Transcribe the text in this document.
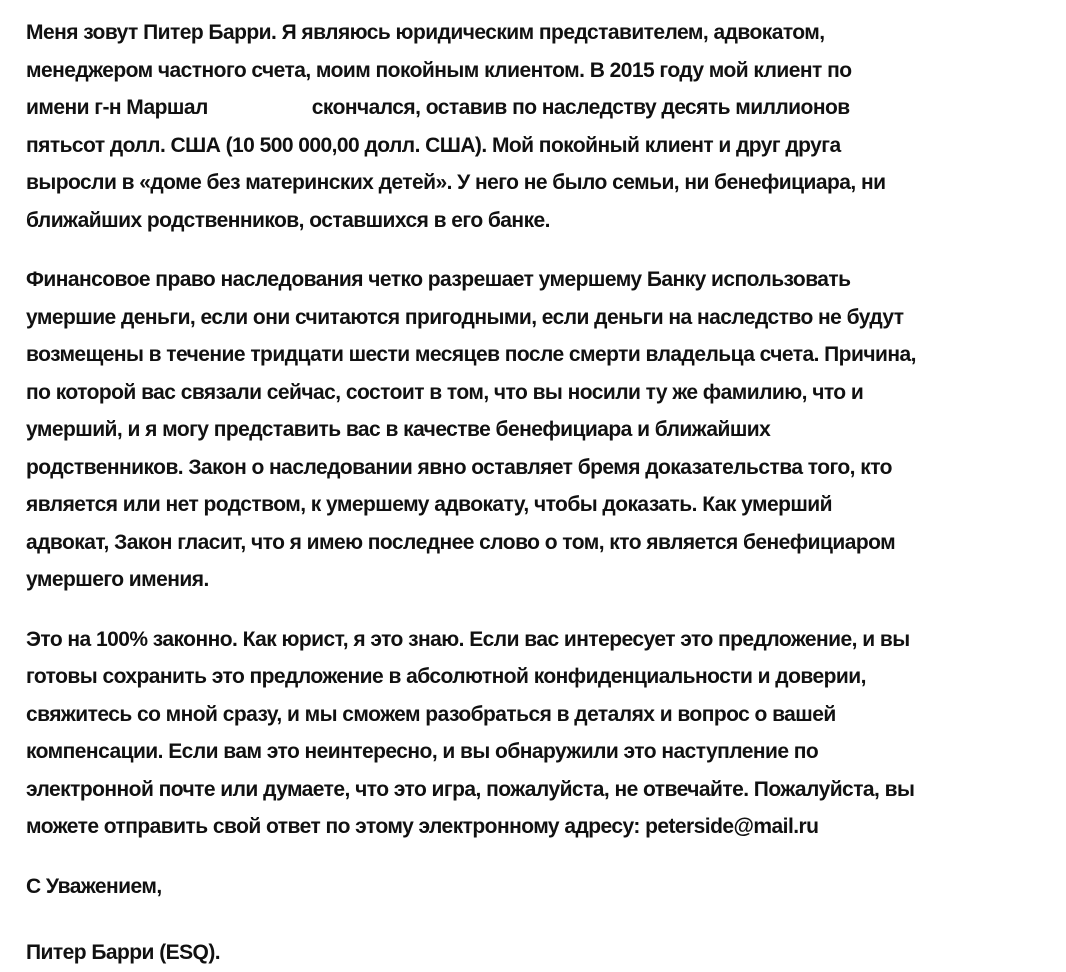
Меня зовут Питер Барри. Я являюсь юридическим представителем, адвокатом,
менеджером частного счета, моим покойным клиентом. В 2015 году мой клиент по
имени г-н Маршал	скончался, оставив по наследству десять миллионов
пятьсот долл. США (10 500 000,00 долл. США). Мой покойный клиент и друг друга
выросли в «доме без материнских детей». У него не было семьи, ни бенефициара, ни
ближайших родственников, оставшихся в его банке.
Финансовое право наследования четко разрешает умершему Банку использовать
умершие деньги, если они считаются пригодными, если деньги на наследство не будут
возмещены в течение тридцати шести месяцев после смерти владельца счета. Причина,
по которой вас связали сейчас, состоит в том, что вы носили ту же фамилию, что и
умерший, и я могу представить вас в качестве бенефициара и ближайших
родственников. Закон о наследовании явно оставляет бремя доказательства того, кто
является или нет родством, к умершему адвокату, чтобы доказать. Как умерший
адвокат, Закон гласит, что я имею последнее слово о том, кто является бенефициаром
умершего имения.
Это на 100% законно. Как юрист, я это знаю. Если вас интересует это предложение, и вы
готовы сохранить это предложение в абсолютной конфиденциальности и доверии,
свяжитесь со мной сразу, и мы сможем разобраться в деталях и вопрос о вашей
компенсации. Если вам это неинтересно, и вы обнаружили это наступление по
электронной почте или думаете, что это игра, пожалуйста, не отвечайте. Пожалуйста, вы
можете отправить свой ответ по этому электронному адресу: peterside@mail.ru
С Уважением,
Питер Барри (ESQ).
